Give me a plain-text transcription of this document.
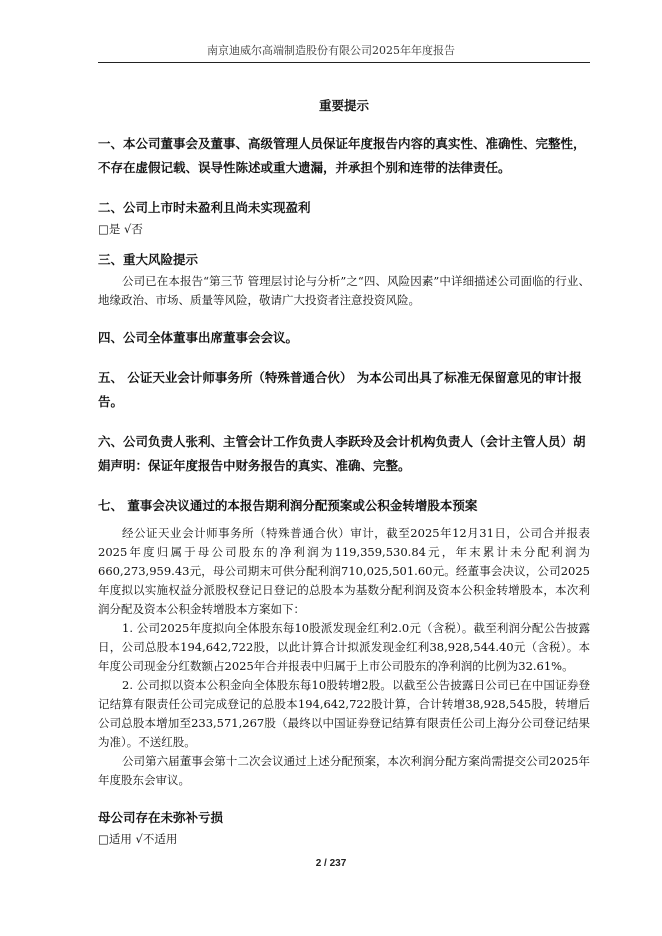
南京迪威尔高端制造股份有限公司2025年年度报告
重要提示
一、本公司董事会及董事、高级管理人员保证年度报告内容的真实性、准确性、完整性，不存在虚假记载、误导性陈述或重大遗漏，并承担个别和连带的法律责任。
二、公司上市时未盈利且尚未实现盈利
□是 √否
三、重大风险提示
公司已在本报告“第三节 管理层讨论与分析”之“四、风险因素”中详细描述公司面临的行业、地缘政治、市场、质量等风险，敬请广大投资者注意投资风险。
四、公司全体董事出席董事会会议。
五、 公证天业会计师事务所（特殊普通合伙） 为本公司出具了标准无保留意见的审计报告。
六、公司负责人张利、主管会计工作负责人李跃玲及会计机构负责人（会计主管人员）胡娟声明：保证年度报告中财务报告的真实、准确、完整。
七、 董事会决议通过的本报告期利润分配预案或公积金转增股本预案
经公证天业会计师事务所（特殊普通合伙）审计，截至2025年12月31日，公司合并报表2025年度归属于母公司股东的净利润为119,359,530.84元，年末累计未分配利润为660,273,959.43元，母公司期末可供分配利润710,025,501.60元。经董事会决议，公司2025年度拟以实施权益分派股权登记日登记的总股本为基数分配利润及资本公积金转增股本，本次利润分配及资本公积金转增股本方案如下：
1. 公司2025年度拟向全体股东每10股派发现金红利2.0元（含税）。截至利润分配公告披露日，公司总股本194,642,722股，以此计算合计拟派发现金红利38,928,544.40元（含税）。本年度公司现金分红数额占2025年合并报表中归属于上市公司股东的净利润的比例为32.61%。
2. 公司拟以资本公积金向全体股东每10股转增2股。以截至公告披露日公司已在中国证券登记结算有限责任公司完成登记的总股本194,642,722股计算，合计转增38,928,545股，转增后公司总股本增加至233,571,267股（最终以中国证券登记结算有限责任公司上海分公司登记结果为准）。不送红股。
公司第六届董事会第十二次会议通过上述分配预案，本次利润分配方案尚需提交公司2025年年度股东会审议。
母公司存在未弥补亏损
□适用 √不适用
2 / 237
